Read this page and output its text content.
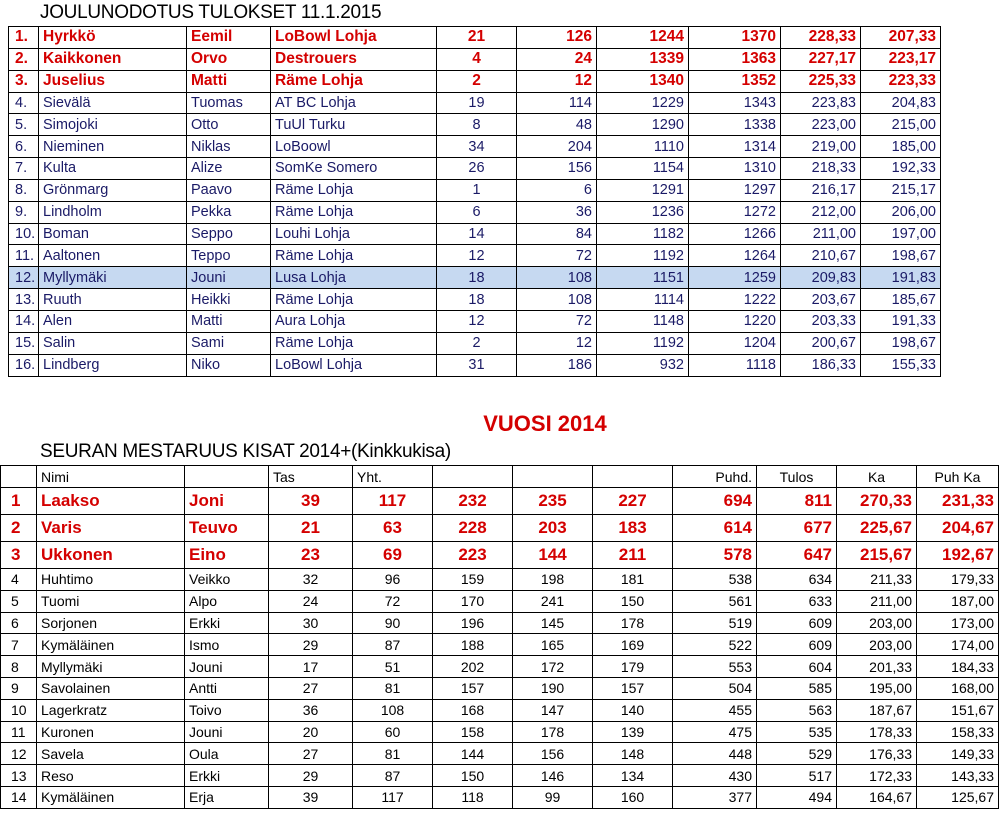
JOULUNODOTUS TULOKSET 11.1.2015
1.	Hyrkkö	Eemil	LoBowl Lohja	21	126	1244	1370	228,33	207,33
2.	Kaikkonen	Orvo	Destrouers	4	24	1339	1363	227,17	223,17
3.	Juselius	Matti	Räme Lohja	2	12	1340	1352	225,33	223,33
4.	Sievälä	Tuomas	AT BC Lohja	19	114	1229	1343	223,83	204,83
5.	Simojoki	Otto	TuUl Turku	8	48	1290	1338	223,00	215,00
6.	Nieminen	Niklas	LoBoowl	34	204	1110	1314	219,00	185,00
7.	Kulta	Alize	SomKe Somero	26	156	1154	1310	218,33	192,33
8.	Grönmarg	Paavo	Räme Lohja	1	6	1291	1297	216,17	215,17
9.	Lindholm	Pekka	Räme Lohja	6	36	1236	1272	212,00	206,00
10.	Boman	Seppo	Louhi Lohja	14	84	1182	1266	211,00	197,00
11.	Aaltonen	Teppo	Räme Lohja	12	72	1192	1264	210,67	198,67
12.	Myllymäki	Jouni	Lusa Lohja	18	108	1151	1259	209,83	191,83
13.	Ruuth	Heikki	Räme Lohja	18	108	1114	1222	203,67	185,67
14.	Alen	Matti	Aura Lohja	12	72	1148	1220	203,33	191,33
15.	Salin	Sami	Räme Lohja	2	12	1192	1204	200,67	198,67
16.	Lindberg	Niko	LoBowl Lohja	31	186	932	1118	186,33	155,33
VUOSI 2014
SEURAN MESTARUUS KISAT 2014+(Kinkkukisa)
	Nimi		Tas	Yht.				Puhd.	Tulos	Ka	Puh Ka
1	Laakso	Joni	39	117	232	235	227	694	811	270,33	231,33
2	Varis	Teuvo	21	63	228	203	183	614	677	225,67	204,67
3	Ukkonen	Eino	23	69	223	144	211	578	647	215,67	192,67
4	Huhtimo	Veikko	32	96	159	198	181	538	634	211,33	179,33
5	Tuomi	Alpo	24	72	170	241	150	561	633	211,00	187,00
6	Sorjonen	Erkki	30	90	196	145	178	519	609	203,00	173,00
7	Kymäläinen	Ismo	29	87	188	165	169	522	609	203,00	174,00
8	Myllymäki	Jouni	17	51	202	172	179	553	604	201,33	184,33
9	Savolainen	Antti	27	81	157	190	157	504	585	195,00	168,00
10	Lagerkratz	Toivo	36	108	168	147	140	455	563	187,67	151,67
11	Kuronen	Jouni	20	60	158	178	139	475	535	178,33	158,33
12	Savela	Oula	27	81	144	156	148	448	529	176,33	149,33
13	Reso	Erkki	29	87	150	146	134	430	517	172,33	143,33
14	Kymäläinen	Erja	39	117	118	99	160	377	494	164,67	125,67
